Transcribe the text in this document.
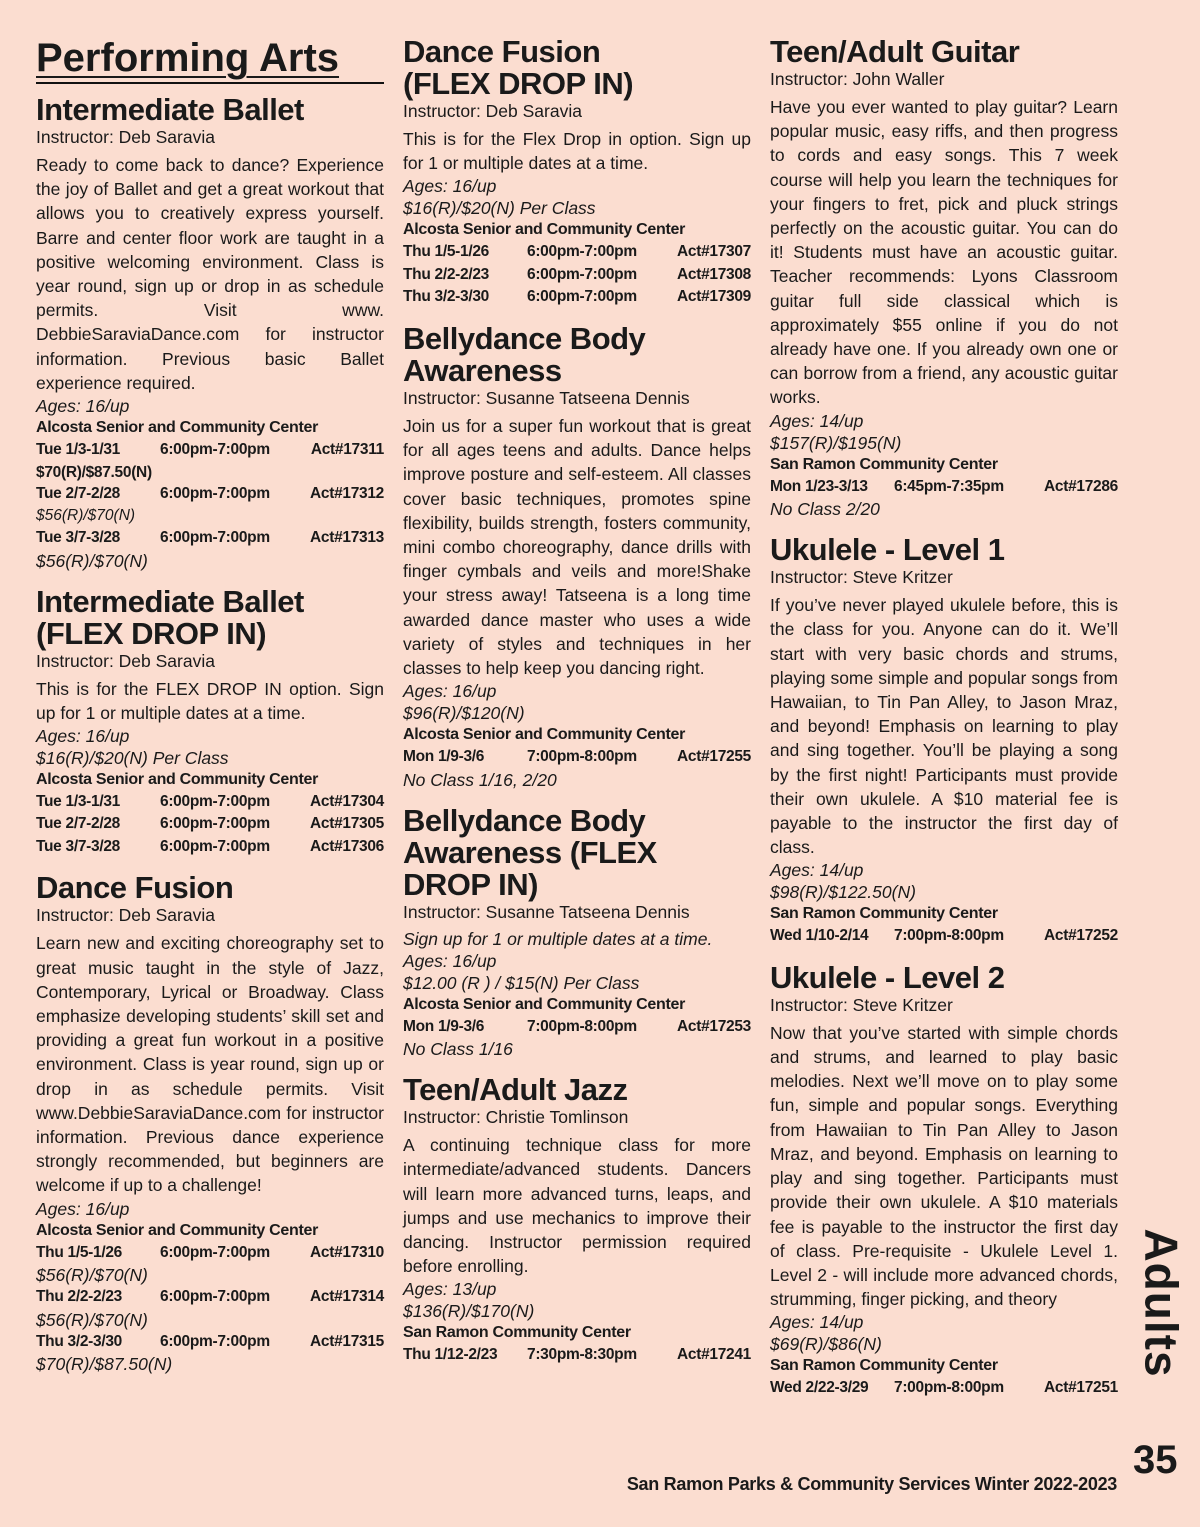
Performing Arts
Intermediate Ballet

Instructor: Deb Saravia

Ready to come back to dance? Experience the joy of Ballet and get a great workout that allows you to creatively express yourself. Barre and center floor work are taught in a positive welcoming environment. Class is year round, sign up or drop in as schedule permits. Visit www. DebbieSaraviaDance.com for instructor information. Previous basic Ballet experience required.

Ages: 16/up

Alcosta Senior and Community Center

Tue 1/3-1/31	6:00pm-7:00pm	Act#17311

$70(R)/$87.50(N)

Tue 2/7-2/28	6:00pm-7:00pm	Act#17312

$56(R)/$70(N)

Tue 3/7-3/28	6:00pm-7:00pm	Act#17313

$56(R)/$70(N)

Intermediate Ballet
(FLEX DROP IN)

Instructor: Deb Saravia

This is for the FLEX DROP IN option. Sign up for 1 or multiple dates at a time.

Ages: 16/up

$16(R)/$20(N) Per Class

Alcosta Senior and Community Center

Tue 1/3-1/31	6:00pm-7:00pm	Act#17304
Tue 2/7-2/28	6:00pm-7:00pm	Act#17305
Tue 3/7-3/28	6:00pm-7:00pm	Act#17306
Dance Fusion

Instructor: Deb Saravia

Learn new and exciting choreography set to great music taught in the style of Jazz, Contemporary, Lyrical or Broadway. Class emphasize developing students’ skill set and providing a great fun workout in a positive environment. Class is year round, sign up or drop in as schedule permits. Visit www.DebbieSaraviaDance.com for instructor information. Previous dance experience strongly recommended, but beginners are welcome if up to a challenge!

Ages: 16/up

Alcosta Senior and Community Center

Thu 1/5-1/26	6:00pm-7:00pm	Act#17310

$56(R)/$70(N)

Thu 2/2-2/23	6:00pm-7:00pm	Act#17314

$56(R)/$70(N)

Thu 3/2-3/30	6:00pm-7:00pm	Act#17315

$70(R)/$87.50(N)

Dance Fusion
(FLEX DROP IN)

Instructor: Deb Saravia

This is for the Flex Drop in option. Sign up for 1 or multiple dates at a time.

Ages: 16/up

$16(R)/$20(N) Per Class

Alcosta Senior and Community Center

Thu 1/5-1/26	6:00pm-7:00pm	Act#17307
Thu 2/2-2/23	6:00pm-7:00pm	Act#17308
Thu 3/2-3/30	6:00pm-7:00pm	Act#17309
Bellydance Body
Awareness

Instructor: Susanne Tatseena Dennis

Join us for a super fun workout that is great for all ages teens and adults. Dance helps improve posture and self-esteem. All classes cover basic techniques, promotes spine flexibility, builds strength, fosters community, mini combo choreography, dance drills with finger cymbals and veils and more!Shake your stress away! Tatseena is a long time awarded dance master who uses a wide variety of styles and techniques in her classes to help keep you dancing right.

Ages: 16/up

$96(R)/$120(N)

Alcosta Senior and Community Center

Mon 1/9-3/6	7:00pm-8:00pm	Act#17255

No Class 1/16, 2/20

Bellydance Body
Awareness (FLEX DROP IN)

Instructor: Susanne Tatseena Dennis

Sign up for 1 or multiple dates at a time.

Ages: 16/up

$12.00 (R ) / $15(N) Per Class

Alcosta Senior and Community Center

Mon 1/9-3/6	7:00pm-8:00pm	Act#17253

No Class 1/16

Teen/Adult Jazz

Instructor: Christie Tomlinson

A continuing technique class for more intermediate/advanced students. Dancers will learn more advanced turns, leaps, and jumps and use mechanics to improve their dancing. Instructor permission required before enrolling.

Ages: 13/up

$136(R)/$170(N)

San Ramon Community Center

Thu 1/12-2/23	7:30pm-8:30pm	Act#17241
Teen/Adult Guitar

Instructor: John Waller

Have you ever wanted to play guitar? Learn popular music, easy riffs, and then progress to cords and easy songs. This 7 week course will help you learn the techniques for your fingers to fret, pick and pluck strings perfectly on the acoustic guitar. You can do it! Students must have an acoustic guitar. Teacher recommends: Lyons Classroom guitar full side classical which is approximately $55 online if you do not already have one. If you already own one or can borrow from a friend, any acoustic guitar works.

Ages: 14/up

$157(R)/$195(N)

San Ramon Community Center

Mon 1/23-3/13	6:45pm-7:35pm	Act#17286

No Class 2/20

Ukulele - Level 1

Instructor: Steve Kritzer

If you’ve never played ukulele before, this is the class for you. Anyone can do it. We’ll start with very basic chords and strums, playing some simple and popular songs from Hawaiian, to Tin Pan Alley, to Jason Mraz, and beyond! Emphasis on learning to play and sing together. You’ll be playing a song by the first night! Participants must provide their own ukulele. A $10 material fee is payable to the instructor the first day of class.

Ages: 14/up

$98(R)/$122.50(N)

San Ramon Community Center

Wed 1/10-2/14	7:00pm-8:00pm	Act#17252
Ukulele - Level 2

Instructor: Steve Kritzer

Now that you’ve started with simple chords and strums, and learned to play basic melodies. Next we’ll move on to play some fun, simple and popular songs. Everything from Hawaiian to Tin Pan Alley to Jason Mraz, and beyond. Emphasis on learning to play and sing together. Participants must provide their own ukulele. A $10 materials fee is payable to the instructor the first day of class. Pre-requisite - Ukulele Level 1. Level 2 - will include more advanced chords, strumming, finger picking, and theory

Ages: 14/up

$69(R)/$86(N)

San Ramon Community Center

Wed 2/22-3/29	7:00pm-8:00pm	Act#17251
Adults
35
San Ramon Parks & Community Services Winter 2022-2023
